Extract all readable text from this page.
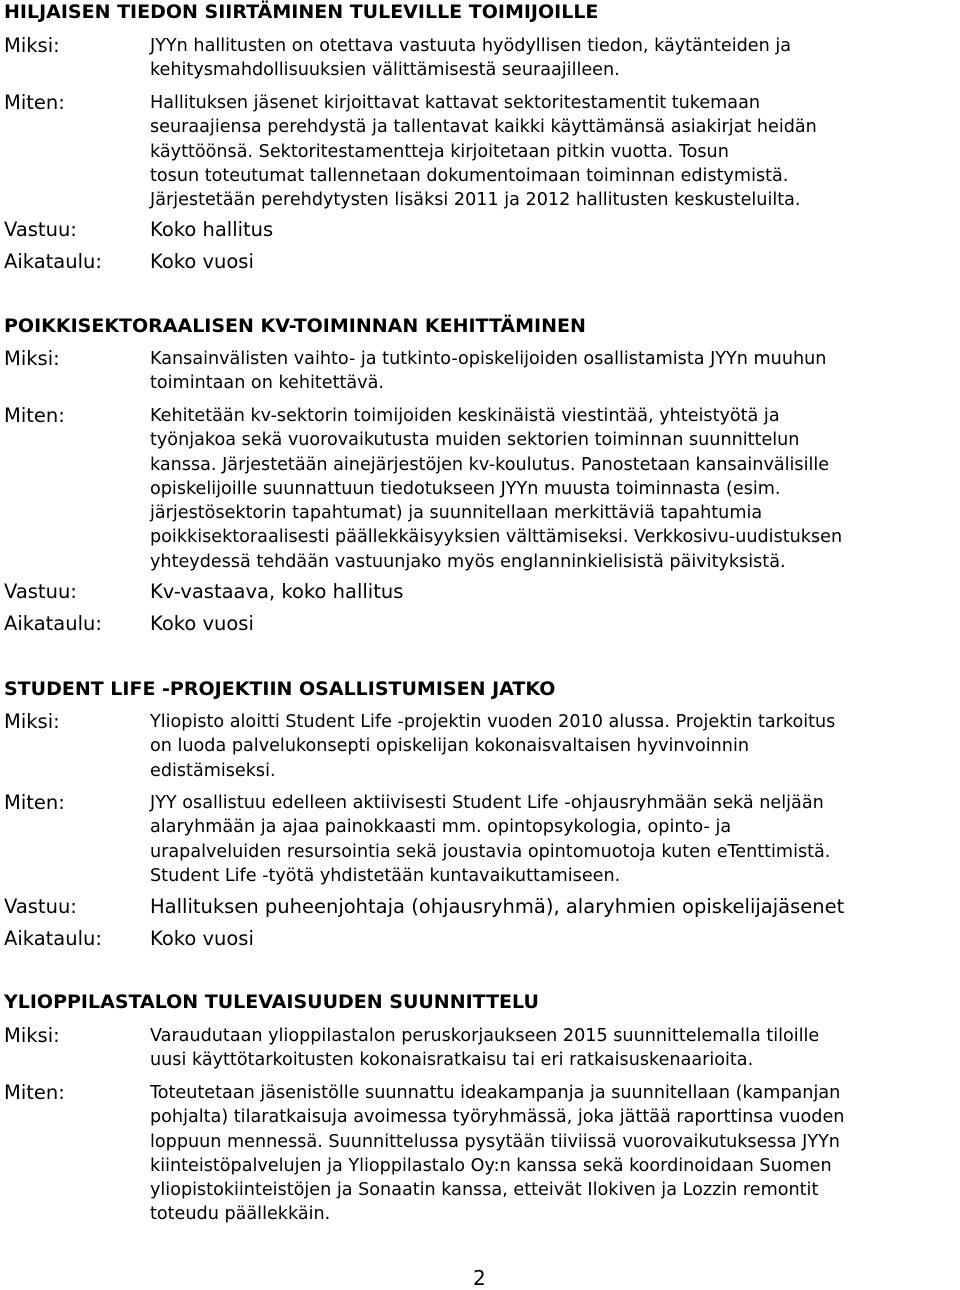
HILJAISEN TIEDON SIIRTÄMINEN TULEVILLE TOIMIJOILLE
Miksi:	JYYn hallitusten on otettava vastuuta hyödyllisen tiedon, käytänteiden ja
kehitysmahdollisuuksien välittämisestä seuraajilleen.
Miten:	Hallituksen jäsenet kirjoittavat kattavat sektoritestamentit tukemaan
seuraajiensa perehdystä ja tallentavat kaikki käyttämänsä asiakirjat heidän
käyttöönsä. Sektoritestamentteja kirjoitetaan pitkin vuotta. Tosun
tosun toteutumat tallennetaan dokumentoimaan toiminnan edistymistä.
Järjestetään perehdytysten lisäksi 2011 ja 2012 hallitusten keskusteluilta.
Vastuu:	Koko hallitus
Aikataulu:	Koko vuosi
POIKKISEKTORAALISEN KV-TOIMINNAN KEHITTÄMINEN
Miksi:	Kansainvälisten vaihto- ja tutkinto-opiskelijoiden osallistamista JYYn muuhun
toimintaan on kehitettävä.
Miten:	Kehitetään kv-sektorin toimijoiden keskinäistä viestintää, yhteistyötä ja
työnjakoa sekä vuorovaikutusta muiden sektorien toiminnan suunnittelun
kanssa. Järjestetään ainejärjestöjen kv-koulutus. Panostetaan kansainvälisille
opiskelijoille suunnattuun tiedotukseen JYYn muusta toiminnasta (esim.
järjestösektorin tapahtumat) ja suunnitellaan merkittäviä tapahtumia
poikkisektoraalisesti päällekkäisyyksien välttämiseksi. Verkkosivu-uudistuksen
yhteydessä tehdään vastuunjako myös englanninkielisistä päivityksistä.
Vastuu:	Kv-vastaava, koko hallitus
Aikataulu:	Koko vuosi
STUDENT LIFE -PROJEKTIIN OSALLISTUMISEN JATKO
Miksi:	Yliopisto aloitti Student Life -projektin vuoden 2010 alussa. Projektin tarkoitus
on luoda palvelukonsepti opiskelijan kokonaisvaltaisen hyvinvoinnin
edistämiseksi.
Miten:	JYY osallistuu edelleen aktiivisesti Student Life -ohjausryhmään sekä neljään
alaryhmään ja ajaa painokkaasti mm. opintopsykologia, opinto- ja
urapalveluiden resursointia sekä joustavia opintomuotoja kuten eTenttimistä.
Student Life -työtä yhdistetään kuntavaikuttamiseen.
Vastuu:	Hallituksen puheenjohtaja (ohjausryhmä), alaryhmien opiskelijajäsenet
Aikataulu:	Koko vuosi
YLIOPPILASTALON TULEVAISUUDEN SUUNNITTELU
Miksi:	Varaudutaan ylioppilastalon peruskorjaukseen 2015 suunnittelemalla tiloille
uusi käyttötarkoitusten kokonaisratkaisu tai eri ratkaisuskenaarioita.
Miten:	Toteutetaan jäsenistölle suunnattu ideakampanja ja suunnitellaan (kampanjan
pohjalta) tilaratkaisuja avoimessa työryhmässä, joka jättää raporttinsa vuoden
loppuun mennessä. Suunnittelussa pysytään tiiviissä vuorovaikutuksessa JYYn
kiinteistöpalvelujen ja Ylioppilastalo Oy:n kanssa sekä koordinoidaan Suomen
yliopistokiinteistöjen ja Sonaatin kanssa, etteivät Ilokiven ja Lozzin remontit
toteudu päällekkäin.
2
